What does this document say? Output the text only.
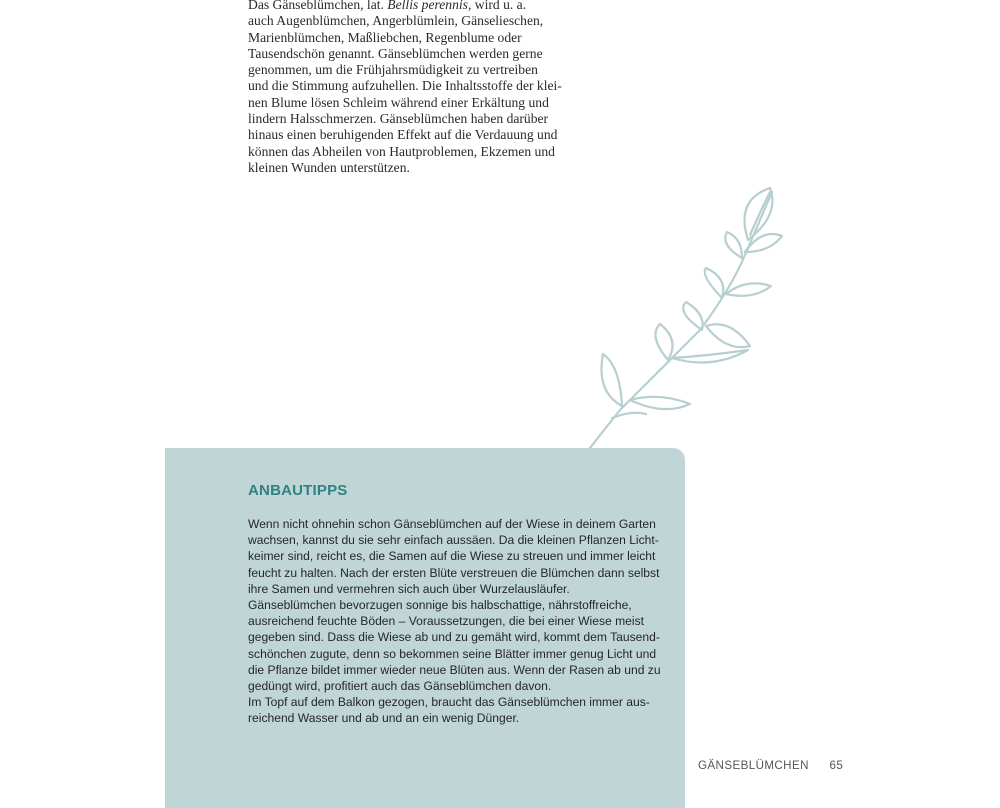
Das Gänseblümchen, lat. Bellis perennis, wird u. a.
auch Augenblümchen, Angerblümlein, Gänselieschen,
Marienblümchen, Maßliebchen, Regenblume oder
Tausendschön genannt. Gänseblümchen werden gerne
genommen, um die Frühjahrsmüdigkeit zu vertreiben
und die Stimmung aufzuhellen. Die Inhaltsstoffe der klei-
nen Blume lösen Schleim während einer Erkältung und
lindern Halsschmerzen. Gänseblümchen haben darüber
hinaus einen beruhigenden Effekt auf die Verdauung und
können das Abheilen von Hautproblemen, Ekzemen und
kleinen Wunden unterstützen.
ANBAUTIPPS
Wenn nicht ohnehin schon Gänseblümchen auf der Wiese in deinem Garten
wachsen, kannst du sie sehr einfach aussäen. Da die kleinen Pflanzen Licht-
keimer sind, reicht es, die Samen auf die Wiese zu streuen und immer leicht
feucht zu halten. Nach der ersten Blüte verstreuen die Blümchen dann selbst
ihre Samen und vermehren sich auch über Wurzelausläufer.
Gänseblümchen bevorzugen sonnige bis halbschattige, nährstoffreiche,
ausreichend feuchte Böden – Voraussetzungen, die bei einer Wiese meist
gegeben sind. Dass die Wiese ab und zu gemäht wird, kommt dem Tausend-
schönchen zugute, denn so bekommen seine Blätter immer genug Licht und
die Pflanze bildet immer wieder neue Blüten aus. Wenn der Rasen ab und zu
gedüngt wird, profitiert auch das Gänseblümchen davon.
Im Topf auf dem Balkon gezogen, braucht das Gänseblümchen immer aus-
reichend Wasser und ab und an ein wenig Dünger.
GÄNSEBLÜMCHEN 65
